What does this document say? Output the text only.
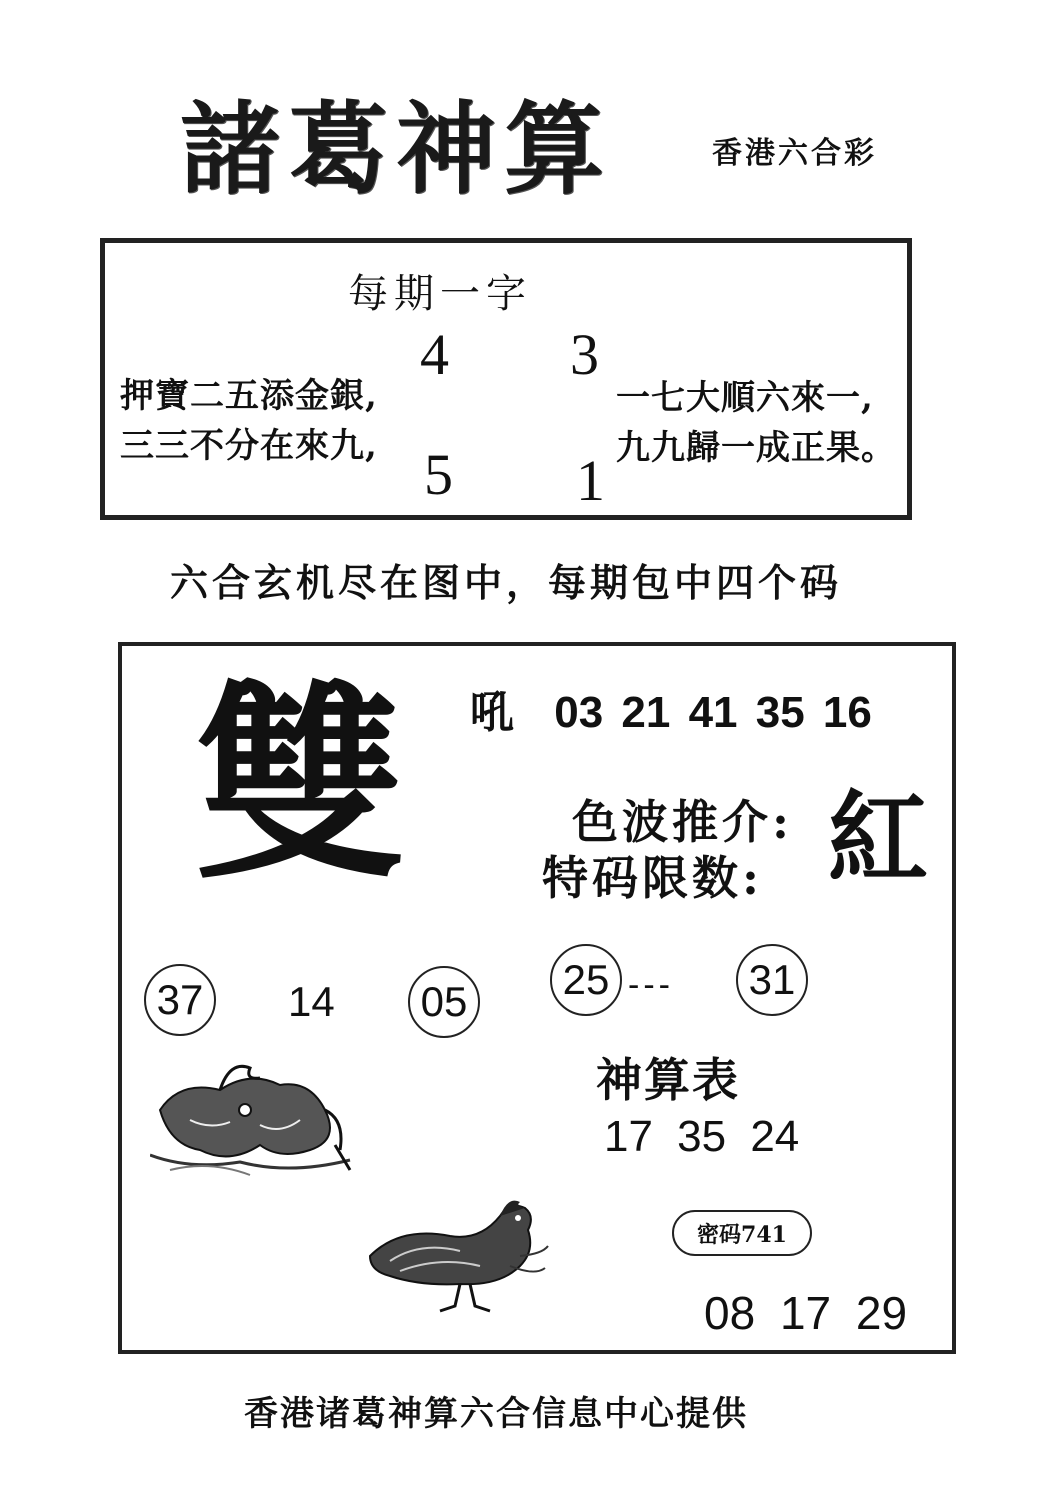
諸葛神算	香港六合彩
每期一字
4 3
5 1
押寶二五添金銀,
三三不分在來九,
一七大順六來一,
九九歸一成正果。
六合玄机尽在图中，每期包中四个码
雙 吼 03 21 41 35 16
色波推介:
特码限数: 紅
37	14	05	25 ---	31
神算表
17 35 24
密码741
08 17 29
香港诸葛神算六合信息中心提供
